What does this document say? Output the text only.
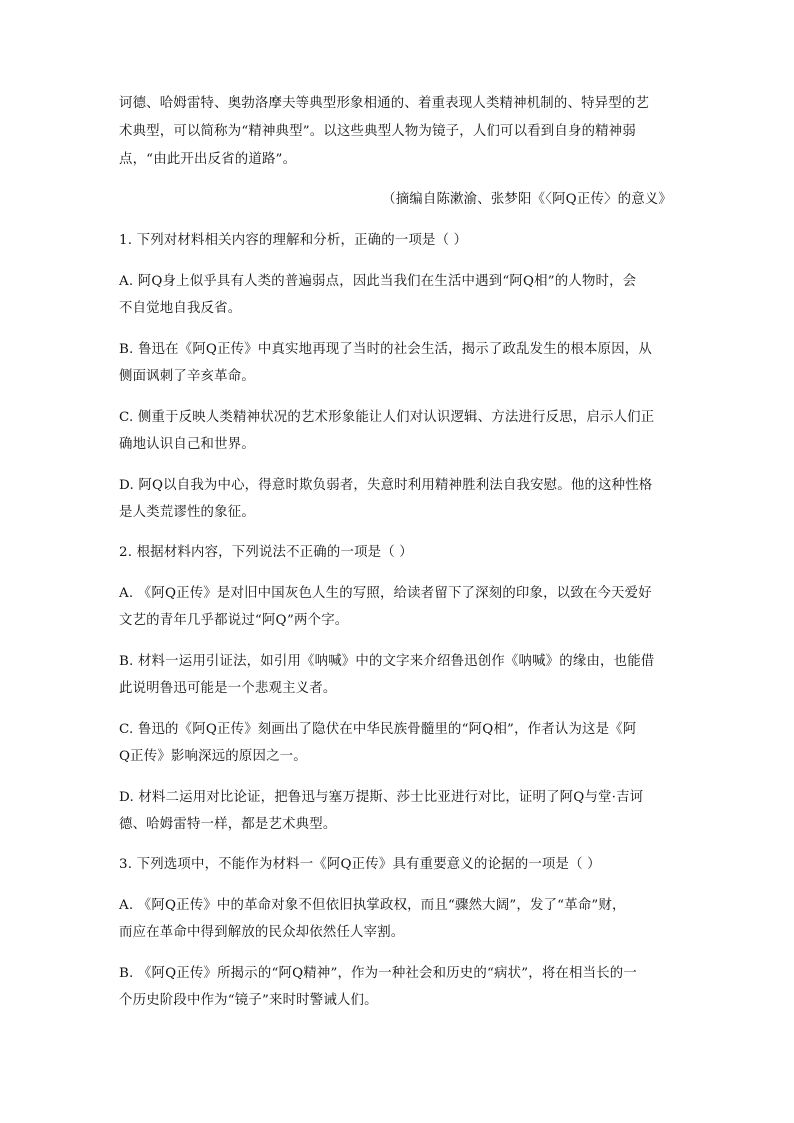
诃德、哈姆雷特、奥勃洛摩夫等典型形象相通的、着重表现人类精神机制的、特异型的艺
术典型，可以简称为“精神典型”。以这些典型人物为镜子，人们可以看到自身的精神弱
点，“由此开出反省的道路”。
（摘编自陈漱渝、张梦阳《〈阿Q正传〉的意义》
1. 下列对材料相关内容的理解和分析，正确的一项是（ ）
A. 阿Q身上似乎具有人类的普遍弱点，因此当我们在生活中遇到“阿Q相”的人物时，会
不自觉地自我反省。
B. 鲁迅在《阿Q正传》中真实地再现了当时的社会生活，揭示了政乱发生的根本原因，从
侧面讽刺了辛亥革命。
C. 侧重于反映人类精神状况的艺术形象能让人们对认识逻辑、方法进行反思，启示人们正
确地认识自己和世界。
D. 阿Q以自我为中心，得意时欺负弱者，失意时利用精神胜利法自我安慰。他的这种性格
是人类荒谬性的象征。
2. 根据材料内容，下列说法不正确的一项是（ ）
A. 《阿Q正传》是对旧中国灰色人生的写照，给读者留下了深刻的印象，以致在今天爱好
文艺的青年几乎都说过“阿Q”两个字。
B. 材料一运用引证法，如引用《呐喊》中的文字来介绍鲁迅创作《呐喊》的缘由，也能借
此说明鲁迅可能是一个悲观主义者。
C. 鲁迅的《阿Q正传》刻画出了隐伏在中华民族骨髓里的“阿Q相”，作者认为这是《阿
Q正传》影响深远的原因之一。
D. 材料二运用对比论证，把鲁迅与塞万提斯、莎士比亚进行对比，证明了阿Q与堂·吉诃
德、哈姆雷特一样，都是艺术典型。
3. 下列选项中，不能作为材料一《阿Q正传》具有重要意义的论据的一项是（ ）
A. 《阿Q正传》中的革命对象不但依旧执掌政权，而且“骤然大阔”，发了“革命”财，
而应在革命中得到解放的民众却依然任人宰割。
B. 《阿Q正传》所揭示的“阿Q精神”，作为一种社会和历史的“病状”，将在相当长的一
个历史阶段中作为“镜子”来时时警诫人们。
